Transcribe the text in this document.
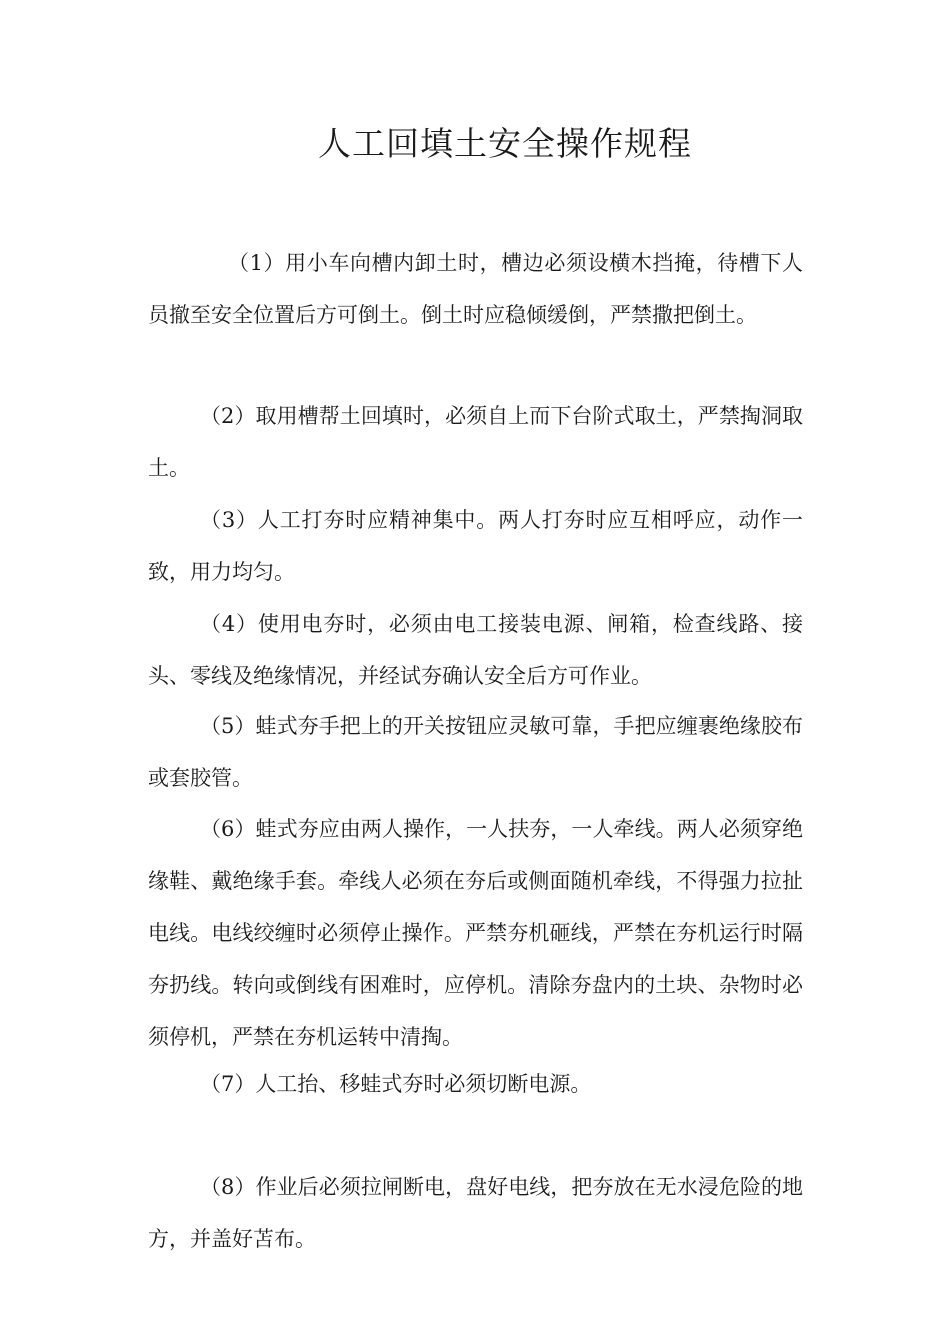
人工回填土安全操作规程

（1）用小车向槽内卸土时，槽边必须设横木挡掩，待槽下人员撤至安全位置后方可倒土。倒土时应稳倾缓倒，严禁撒把倒土。

（2）取用槽帮土回填时，必须自上而下台阶式取土，严禁掏洞取土。

（3）人工打夯时应精神集中。两人打夯时应互相呼应，动作一致，用力均匀。

（4）使用电夯时，必须由电工接装电源、闸箱，检查线路、接头、零线及绝缘情况，并经试夯确认安全后方可作业。

（5）蛙式夯手把上的开关按钮应灵敏可靠，手把应缠裹绝缘胶布或套胶管。

（6）蛙式夯应由两人操作，一人扶夯，一人牵线。两人必须穿绝缘鞋、戴绝缘手套。牵线人必须在夯后或侧面随机牵线，不得强力拉扯电线。电线绞缠时必须停止操作。严禁夯机砸线，严禁在夯机运行时隔夯扔线。转向或倒线有困难时，应停机。清除夯盘内的土块、杂物时必须停机，严禁在夯机运转中清掏。

（7）人工抬、移蛙式夯时必须切断电源。

（8）作业后必须拉闸断电，盘好电线，把夯放在无水浸危险的地方，并盖好苫布。
